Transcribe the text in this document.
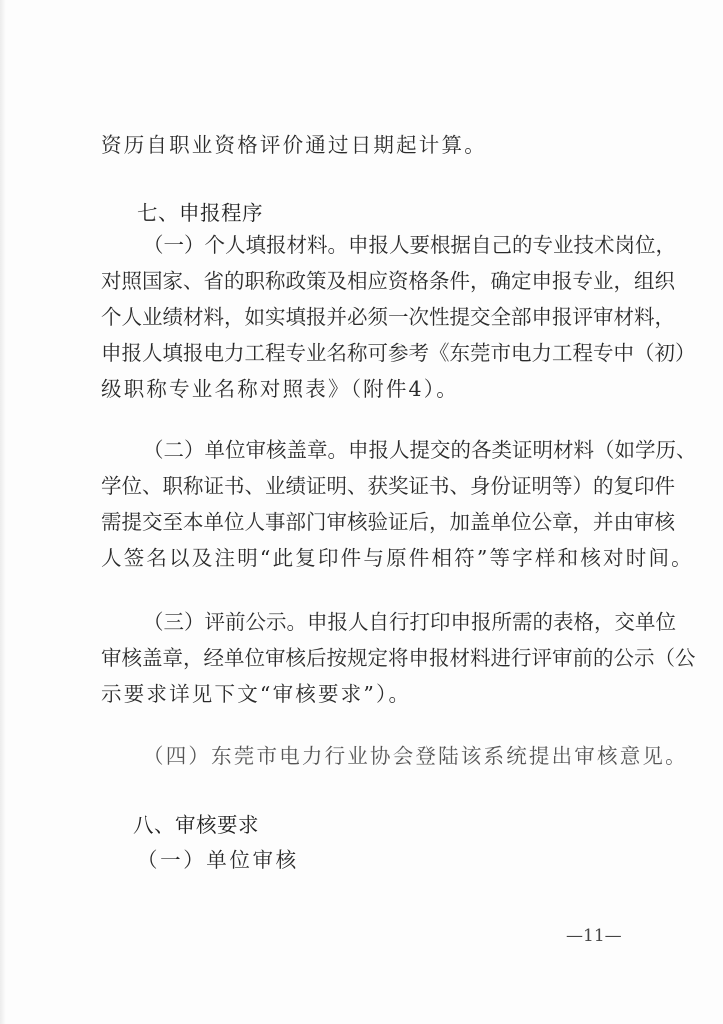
资历自职业资格评价通过日期起计算。
七、申报程序
（一）个人填报材料。申报人要根据自己的专业技术岗位，
对照国家、省的职称政策及相应资格条件，确定申报专业，组织
个人业绩材料，如实填报并必须一次性提交全部申报评审材料，
申报人填报电力工程专业名称可参考《东莞市电力工程专中（初）
级职称专业名称对照表》（附件4）。
（二）单位审核盖章。申报人提交的各类证明材料（如学历、
学位、职称证书、业绩证明、获奖证书、身份证明等）的复印件
需提交至本单位人事部门审核验证后，加盖单位公章，并由审核
人签名以及注明“此复印件与原件相符”等字样和核对时间。
（三）评前公示。申报人自行打印申报所需的表格，交单位
审核盖章，经单位审核后按规定将申报材料进行评审前的公示（公
示要求详见下文“审核要求”）。
（四）东莞市电力行业协会登陆该系统提出审核意见。
八、审核要求
（一）单位审核
—11—
